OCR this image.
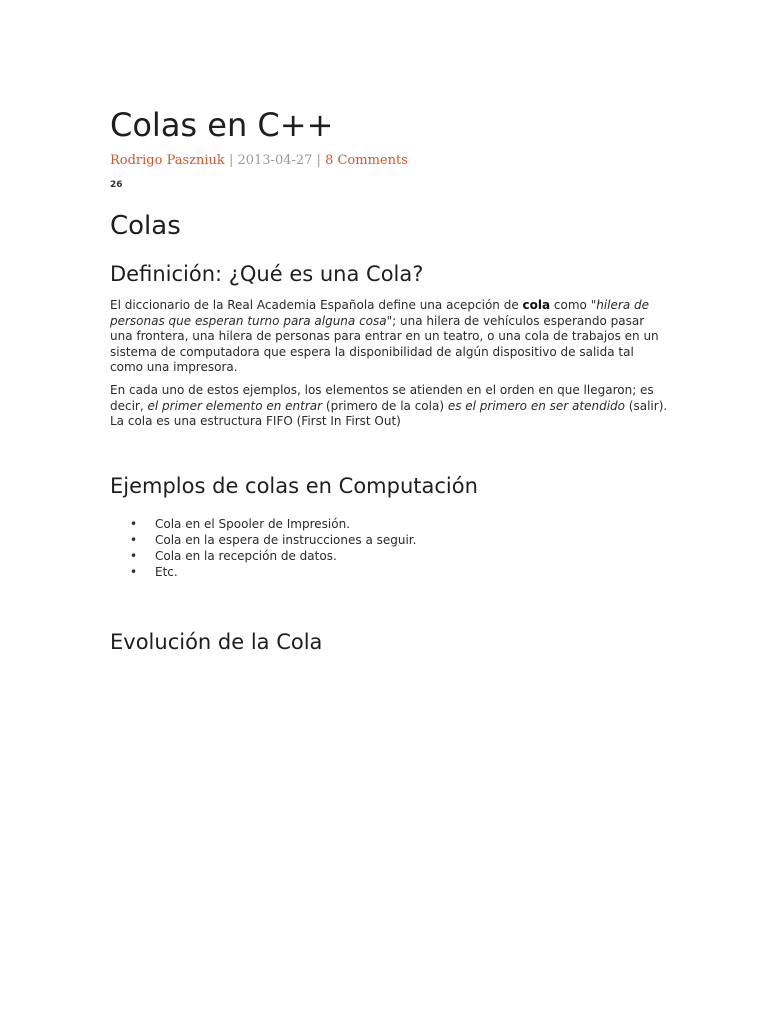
Colas en C++
Rodrigo Paszniuk | 2013-04-27 | 8 Comments
26
Colas
Definición: ¿Qué es una Cola?

El diccionario de la Real Academia Española define una acepción de cola como "hilera de personas que esperan turno para alguna cosa"; una hilera de vehículos esperando pasar una frontera, una hilera de personas para entrar en un teatro, o una cola de trabajos en un sistema de computadora que espera la disponibilidad de algún dispositivo de salida tal como una impresora.

En cada uno de estos ejemplos, los elementos se atienden en el orden en que llegaron; es decir, el primer elemento en entrar (primero de la cola) es el primero en ser atendido (salir). La cola es una estructura FIFO (First In First Out)

Ejemplos de colas en Computación
• Cola en el Spooler de Impresión.
• Cola en la espera de instrucciones a seguir.
• Cola en la recepción de datos.
• Etc.
Evolución de la Cola
